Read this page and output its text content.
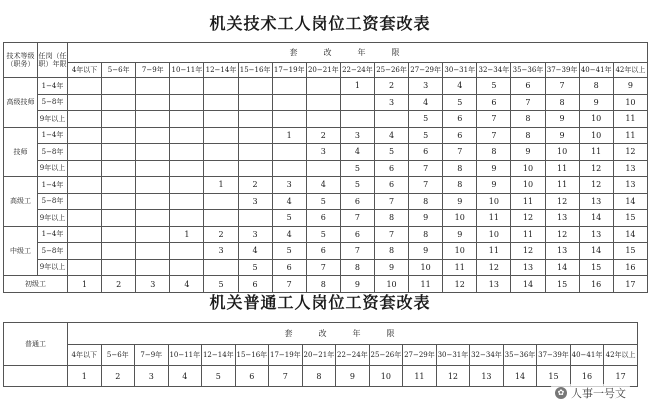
机关技术工人岗位工资套改表
技术等级（职务）	任岗（任职）年限	套改年限																
		4年以下	5−6年	7−9年	10−11年	12−14年	15−16年	17−19年	20−21年	22−24年	25−26年	27−29年	30−31年	32−34年	35−36年	37−39年	40−41年	42年以上
高级技师	1−4年									1	2	3	4	5	6	7	8	9
	5−8年										3	4	5	6	7	8	9	10
	9年以上											5	6	7	8	9	10	11
技师	1−4年							1	2	3	4	5	6	7	8	9	10	11
	5−8年								3	4	5	6	7	8	9	10	11	12
	9年以上									5	6	7	8	9	10	11	12	13
高级工	1−4年					1	2	3	4	5	6	7	8	9	10	11	12	13
	5−8年						3	4	5	6	7	8	9	10	11	12	13	14
	9年以上							5	6	7	8	9	10	11	12	13	14	15
中级工	1−4年				1	2	3	4	5	6	7	8	9	10	11	12	13	14
	5−8年					3	4	5	6	7	8	9	10	11	12	13	14	15
	9年以上						5	6	7	8	9	10	11	12	13	14	15	16
初级工		1	2	3	4	5	6	7	8	9	10	11	12	13	14	15	16	17
机关普通工人岗位工资套改表
普通工	套改年限																
	4年以下	5−6年	7−9年	10−11年	12−14年	15−16年	17−19年	20−21年	22−24年	25−26年	27−29年	30−31年	32−34年	35−36年	37−39年	40−41年	42年以上
	1	2	3	4	5	6	7	8	9	10	11	12	13	14	15	16	17
✿ 人事一号文
